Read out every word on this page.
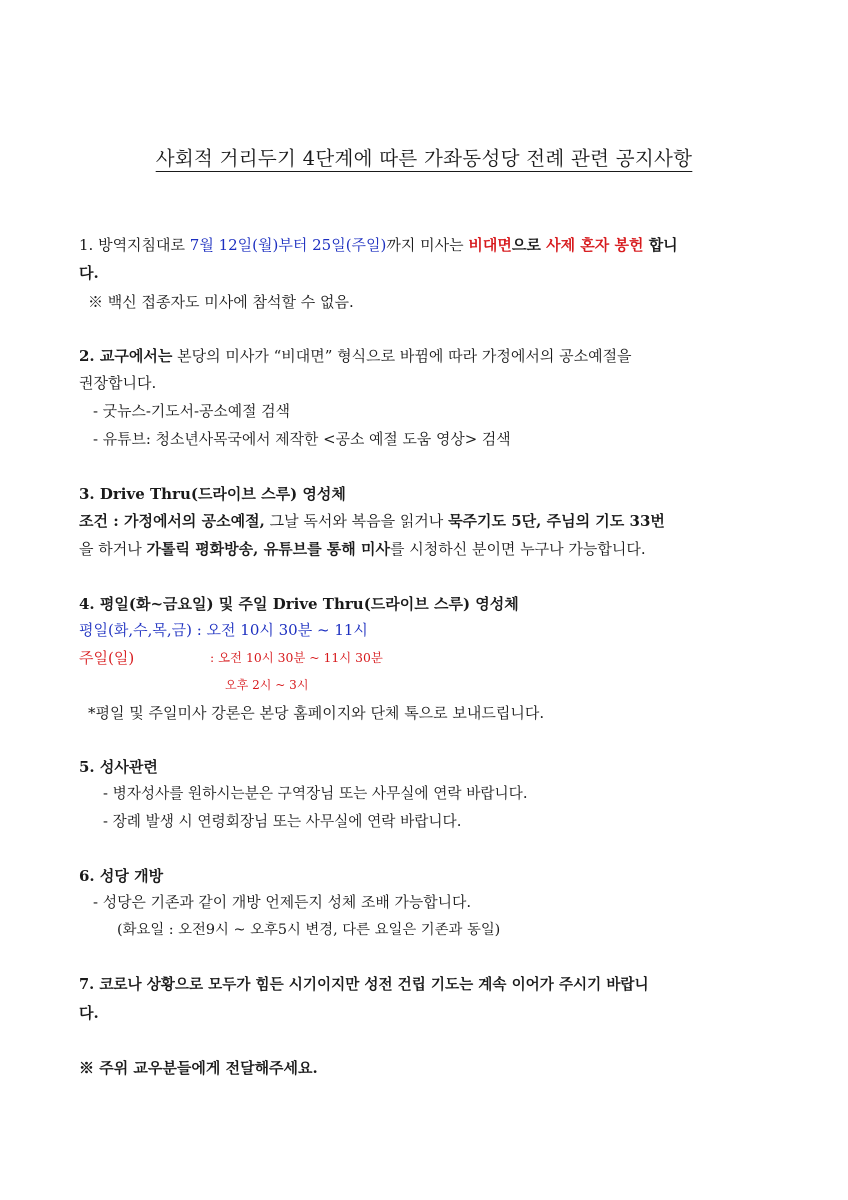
사회적 거리두기 4단계에 따른 가좌동성당 전례 관련 공지사항
1. 방역지침대로 7월 12일(월)부터 25일(주일)까지 미사는 비대면으로 사제 혼자 봉헌 합니
다.
※ 백신 접종자도 미사에 참석할 수 없음.
2. 교구에서는 본당의 미사가 “비대면” 형식으로 바뀜에 따라 가정에서의 공소예절을
권장합니다.
- 굿뉴스-기도서-공소예절 검색
- 유튜브: 청소년사목국에서 제작한 <공소 예절 도움 영상> 검색
3. Drive Thru(드라이브 스루) 영성체
조건 : 가정에서의 공소예절, 그날 독서와 복음을 읽거나 묵주기도 5단, 주님의 기도 33번
을 하거나 가톨릭 평화방송, 유튜브를 통해 미사를 시청하신 분이면 누구나 가능합니다.
4. 평일(화~금요일) 및 주일 Drive Thru(드라이브 스루) 영성체
평일(화,수,목,금) : 오전 10시 30분 ~ 11시
주일(일)	: 오전 10시 30분 ~ 11시 30분
오후 2시 ~ 3시
*평일 및 주일미사 강론은 본당 홈페이지와 단체 톡으로 보내드립니다.
5. 성사관련
- 병자성사를 원하시는분은 구역장님 또는 사무실에 연락 바랍니다.
- 장례 발생 시 연령회장님 또는 사무실에 연락 바랍니다.
6. 성당 개방
- 성당은 기존과 같이 개방 언제든지 성체 조배 가능합니다.
(화요일 : 오전9시 ~ 오후5시 변경, 다른 요일은 기존과 동일)
7. 코로나 상황으로 모두가 힘든 시기이지만 성전 건립 기도는 계속 이어가 주시기 바랍니
다.
※ 주위 교우분들에게 전달해주세요.
